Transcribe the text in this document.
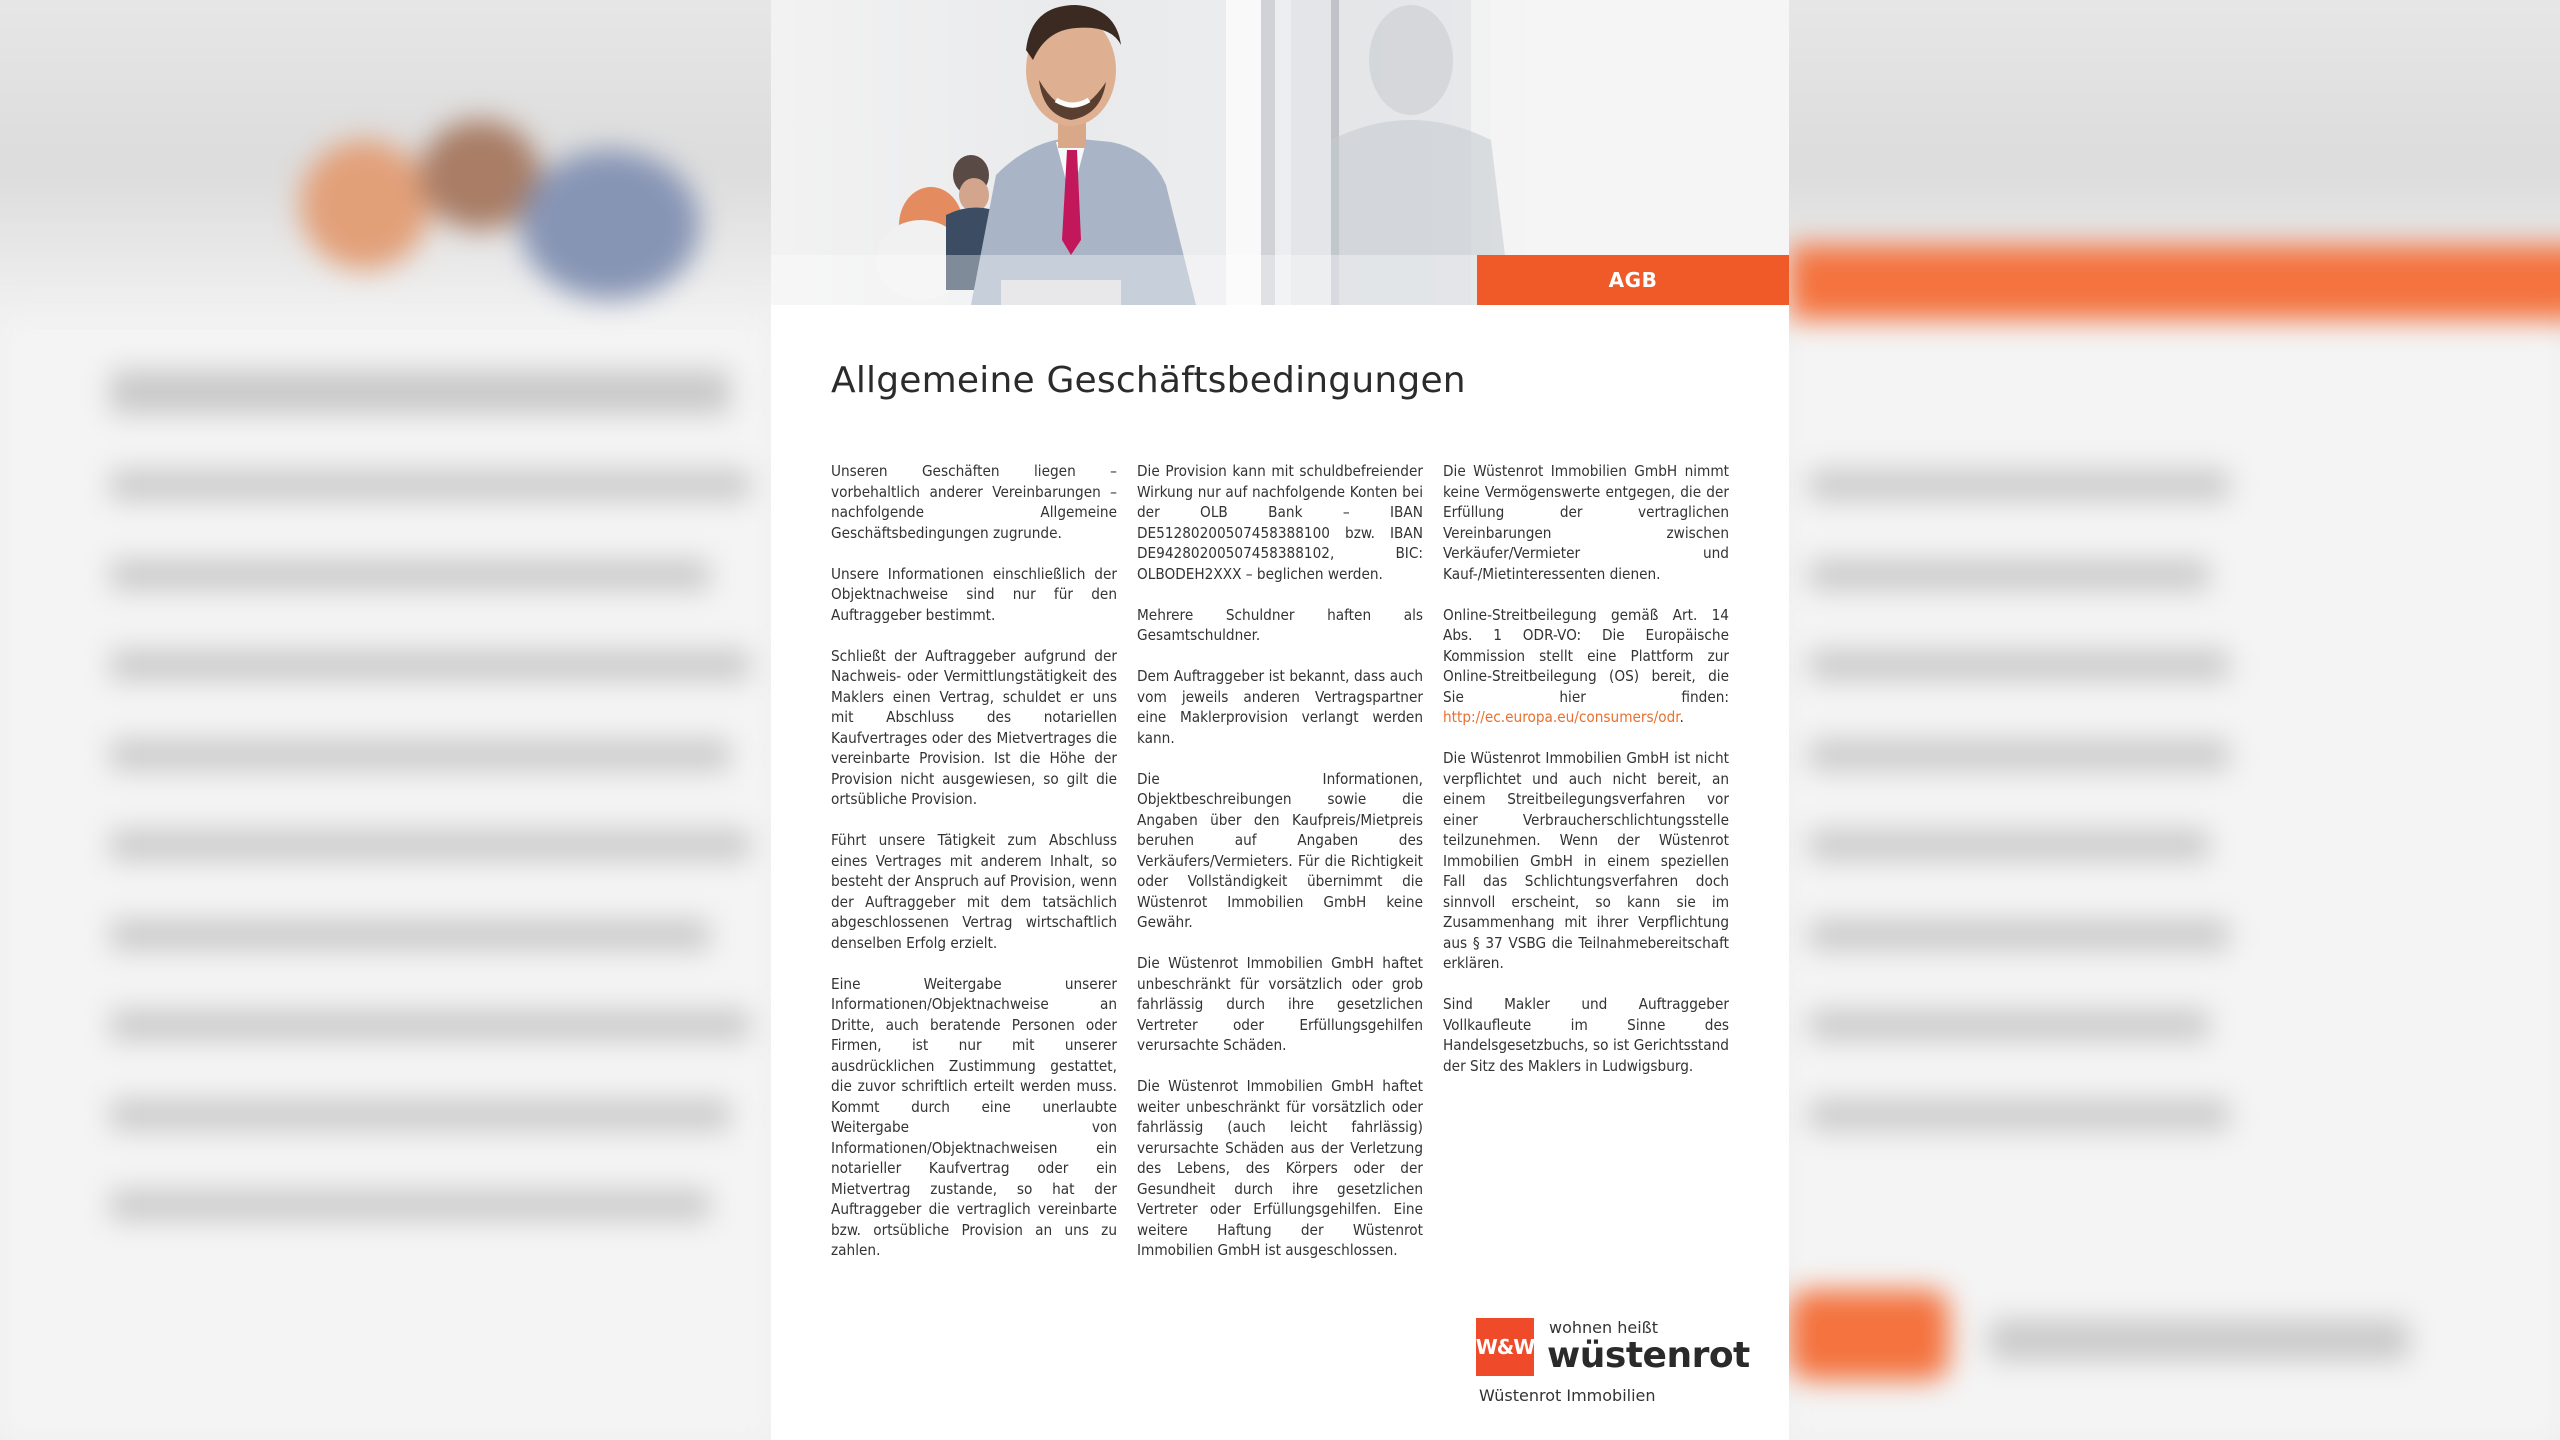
AGB
Allgemeine Geschäftsbedingungen

Unseren Geschäften liegen – vorbehaltlich anderer Vereinbarungen – nachfolgende Allgemeine Geschäftsbedingungen zugrunde.

Unsere Informationen einschließlich der Objektnachweise sind nur für den Auftraggeber bestimmt.

Schließt der Auftraggeber aufgrund der Nachweis- oder Vermittlungstätigkeit des Maklers einen Vertrag, schuldet er uns mit Abschluss des notariellen Kaufvertrages oder des Mietvertrages die vereinbarte Provision. Ist die Höhe der Provision nicht ausgewiesen, so gilt die ortsübliche Provision.

Führt unsere Tätigkeit zum Abschluss eines Vertrages mit anderem Inhalt, so besteht der Anspruch auf Provision, wenn der Auftraggeber mit dem tatsächlich abgeschlossenen Vertrag wirtschaftlich denselben Erfolg erzielt.

Eine Weitergabe unserer Informationen/Objektnachweise an Dritte, auch beratende Personen oder Firmen, ist nur mit unserer ausdrücklichen Zustimmung gestattet, die zuvor schriftlich erteilt werden muss. Kommt durch eine unerlaubte Weitergabe von Informationen/Objektnachweisen ein notarieller Kaufvertrag oder ein Mietvertrag zustande, so hat der Auftraggeber die vertraglich vereinbarte bzw. ortsübliche Provision an uns zu zahlen.

Die Provision kann mit schuldbefreiender Wirkung nur auf nachfolgende Konten bei der OLB Bank – IBAN DE51280200507458388100 bzw. IBAN DE94280200507458388102, BIC: OLBODEH2XXX – beglichen werden.

Mehrere Schuldner haften als Gesamtschuldner.

Dem Auftraggeber ist bekannt, dass auch vom jeweils anderen Vertragspartner eine Maklerprovision verlangt werden kann.

Die Informationen, Objektbeschreibungen sowie die Angaben über den Kaufpreis/Mietpreis beruhen auf Angaben des Verkäufers/Vermieters. Für die Richtigkeit oder Vollständigkeit übernimmt die Wüstenrot Immobilien GmbH keine Gewähr.

Die Wüstenrot Immobilien GmbH haftet unbeschränkt für vorsätzlich oder grob fahrlässig durch ihre gesetzlichen Vertreter oder Erfüllungsgehilfen verursachte Schäden.

Die Wüstenrot Immobilien GmbH haftet weiter unbeschränkt für vorsätzlich oder fahrlässig (auch leicht fahrlässig) verursachte Schäden aus der Verletzung des Lebens, des Körpers oder der Gesundheit durch ihre gesetzlichen Vertreter oder Erfüllungsgehilfen. Eine weitere Haftung der Wüstenrot Immobilien GmbH ist ausgeschlossen.

Die Wüstenrot Immobilien GmbH nimmt keine Vermögenswerte entgegen, die der Erfüllung der vertraglichen Vereinbarungen zwischen Verkäufer/Vermieter und Kauf-/Mietinteressenten dienen.

Online-Streitbeilegung gemäß Art. 14 Abs. 1 ODR-VO: Die Europäische Kommission stellt eine Plattform zur Online-Streitbeilegung (OS) bereit, die Sie hier finden: http://ec.europa.eu/consumers/odr.

Die Wüstenrot Immobilien GmbH ist nicht verpflichtet und auch nicht bereit, an einem Streitbeilegungsverfahren vor einer Verbraucherschlichtungsstelle teilzunehmen. Wenn der Wüstenrot Immobilien GmbH in einem speziellen Fall das Schlichtungsverfahren doch sinnvoll erscheint, so kann sie im Zusammenhang mit ihrer Verpflichtung aus § 37 VSBG die Teilnahmebereitschaft erklären.

Sind Makler und Auftraggeber Vollkaufleute im Sinne des Handelsgesetzbuchs, so ist Gerichtsstand der Sitz des Maklers in Ludwigsburg.

W&W
wohnen heißt
wüstenrot
Wüstenrot Immobilien
